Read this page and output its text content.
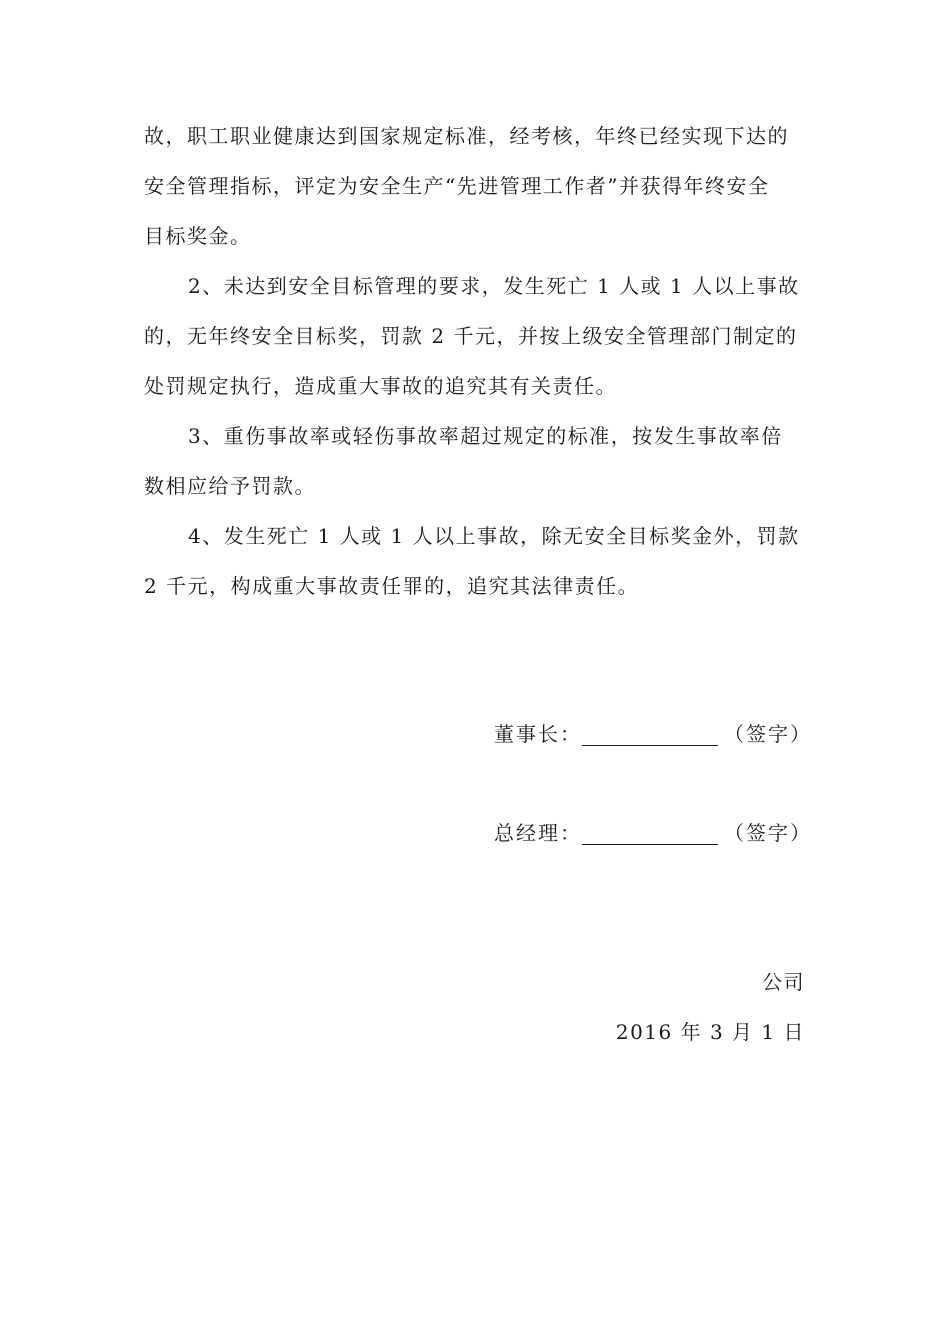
故，职工职业健康达到国家规定标准，经考核，年终已经实现下达的
安全管理指标，评定为安全生产“先进管理工作者”并获得年终安全
目标奖金。
2、未达到安全目标管理的要求，发生死亡 1 人或 1 人以上事故
的，无年终安全目标奖，罚款 2 千元，并按上级安全管理部门制定的
处罚规定执行，造成重大事故的追究其有关责任。
3、重伤事故率或轻伤事故率超过规定的标准，按发生事故率倍
数相应给予罚款。
4、发生死亡 1 人或 1 人以上事故，除无安全目标奖金外，罚款
2 千元，构成重大事故责任罪的，追究其法律责任。
董事长：	（签字）
总经理：	（签字）
公司
2016 年 3 月 1 日
